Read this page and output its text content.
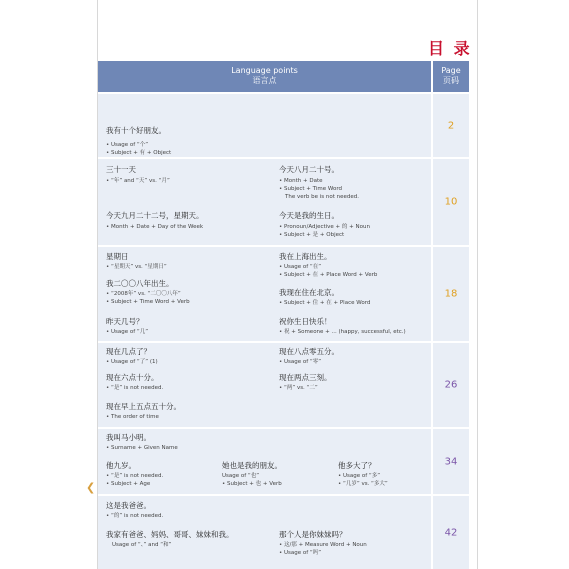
目 录
Language points
语言点
Page
页码
我有十个好朋友。
• Usage of “个”
• Subject + 有 + Object
2
三十一天
• “年” and “天” vs. “月”
今天八月二十号。
• Month + Date
• Subject + Time Word
The verb be is not needed.
今天九月二十二号，星期天。
• Month + Date + Day of the Week
今天是我的生日。
• Pronoun/Adjective + 的 + Noun
• Subject + 是 + Object
10
星期日
• “星期天” vs. “星期日”
我在上海出生。
• Usage of “在”
• Subject + 在 + Place Word + Verb
我二〇〇八年出生。
• “2008年” vs. “二〇〇八年”
• Subject + Time Word + Verb
我现在住在北京。
• Subject + 住 + 在 + Place Word
昨天几号？
• Usage of “几”
祝你生日快乐！
• 祝 + Someone + ... (happy, successful, etc.)
18
现在几点了？
• Usage of “了” (1)
现在八点零五分。
• Usage of “零”
现在六点十分。
• “是” is not needed.
现在两点三刻。
• “两” vs. “二”
现在早上五点五十分。
• The order of time
26
我叫马小明。
• Surname + Given Name
他九岁。
• “是” is not needed.
• Subject + Age
她也是我的朋友。
Usage of “也”
• Subject + 也 + Verb
他多大了？
• Usage of “多”
• “几岁” vs. “多大”
34
这是我爸爸。
• “的” is not needed.
我家有爸爸、妈妈、哥哥、妹妹和我。
Usage of “、” and “和”
那个人是你妹妹吗？
• 这/那 + Measure Word + Noun
• Usage of “吗”
42
❮
